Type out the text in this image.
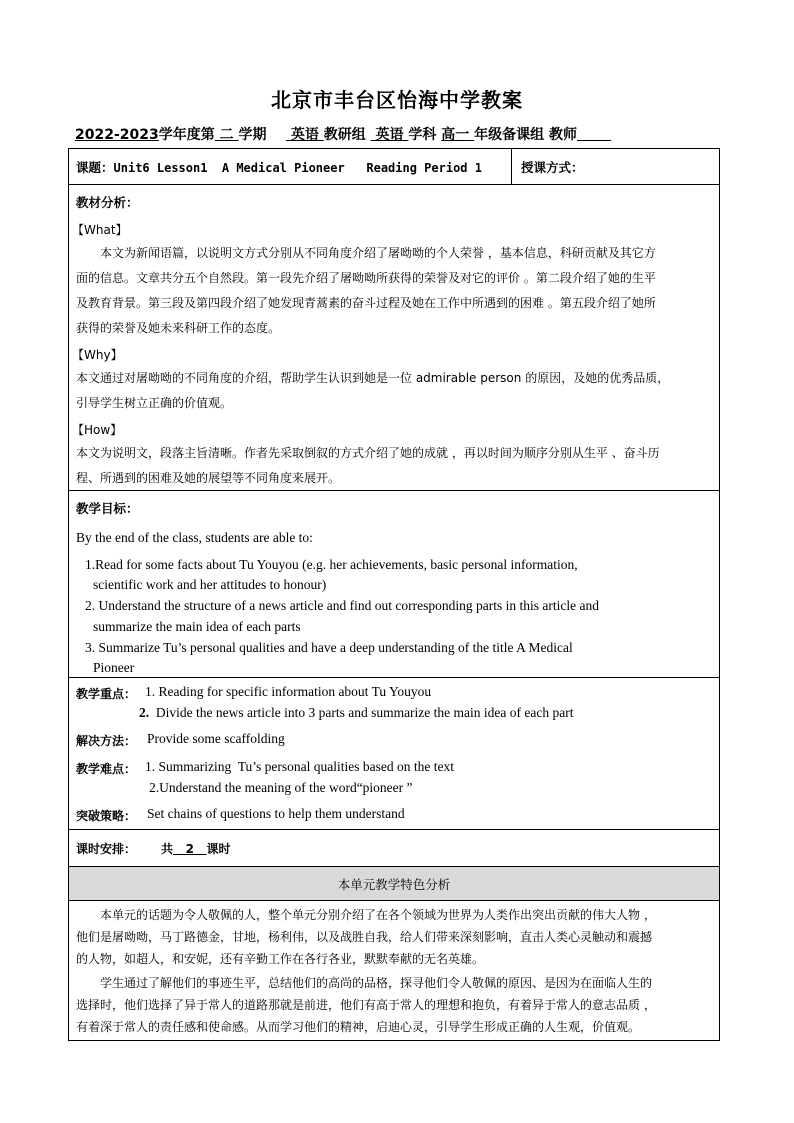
北京市丰台区怡海中学教案
2022-2023学年度第 二 学期 英语 教研组 英语 学科 高一 年级备课组 教师
课题：Unit6 Lesson1  A Medical Pioneer   Reading Period 1	授课方式：
教材分析：
【What】
本文为新闻语篇，以说明文方式分别从不同角度介绍了屠呦呦的个人荣誉 ，基本信息，科研贡献及其它方
面的信息。文章共分五个自然段。第一段先介绍了屠呦呦所获得的荣誉及对它的评价 。第二段介绍了她的生平
及教育背景。第三段及第四段介绍了她发现青蒿素的奋斗过程及她在工作中所遇到的困难 。第五段介绍了她所
获得的荣誉及她未来科研工作的态度。
【Why】
本文通过对屠呦呦的不同角度的介绍，帮助学生认识到她是一位 admirable person 的原因，及她的优秀品质，
引导学生树立正确的价值观。
【How】
本文为说明文，段落主旨清晰。作者先采取倒叙的方式介绍了她的成就 ，再以时间为顺序分别从生平 、奋斗历
程、所遇到的困难及她的展望等不同角度来展开。
教学目标：
By the end of the class, students are able to:
1.Read for some facts about Tu Youyou (e.g. her achievements, basic personal information,
scientific work and her attitudes to honour)
2. Understand the structure of a news article and find out corresponding parts in this article and
summarize the main idea of each parts
3. Summarize Tu’s personal qualities and have a deep understanding of the title A Medical
Pioneer
教学重点： 1. Reading for specific information about Tu Youyou
2. Divide the news article into 3 parts and summarize the main idea of each part
解决方法： Provide some scaffolding
教学难点： 1. Summarizing  Tu’s personal qualities based on the text
2.Understand the meaning of the word“pioneer ”
突破策略： Set chains of questions to help them understand
课时安排： 共 2 课时
本单元教学特色分析
本单元的话题为令人敬佩的人，整个单元分别介绍了在各个领域为世界为人类作出突出贡献的伟大人物 ，
他们是屠呦呦，马丁路德金，甘地，杨利伟，以及战胜自我，给人们带来深刻影响，直击人类心灵触动和震撼
的人物，如超人，和安妮，还有辛勤工作在各行各业，默默奉献的无名英雄。
学生通过了解他们的事迹生平，总结他们的高尚的品格，探寻他们令人敬佩的原因、是因为在面临人生的
选择时，他们选择了异于常人的道路那就是前进，他们有高于常人的理想和抱负，有着异于常人的意志品质 ，
有着深于常人的责任感和使命感。从而学习他们的精神，启迪心灵，引导学生形成正确的人生观，价值观。
